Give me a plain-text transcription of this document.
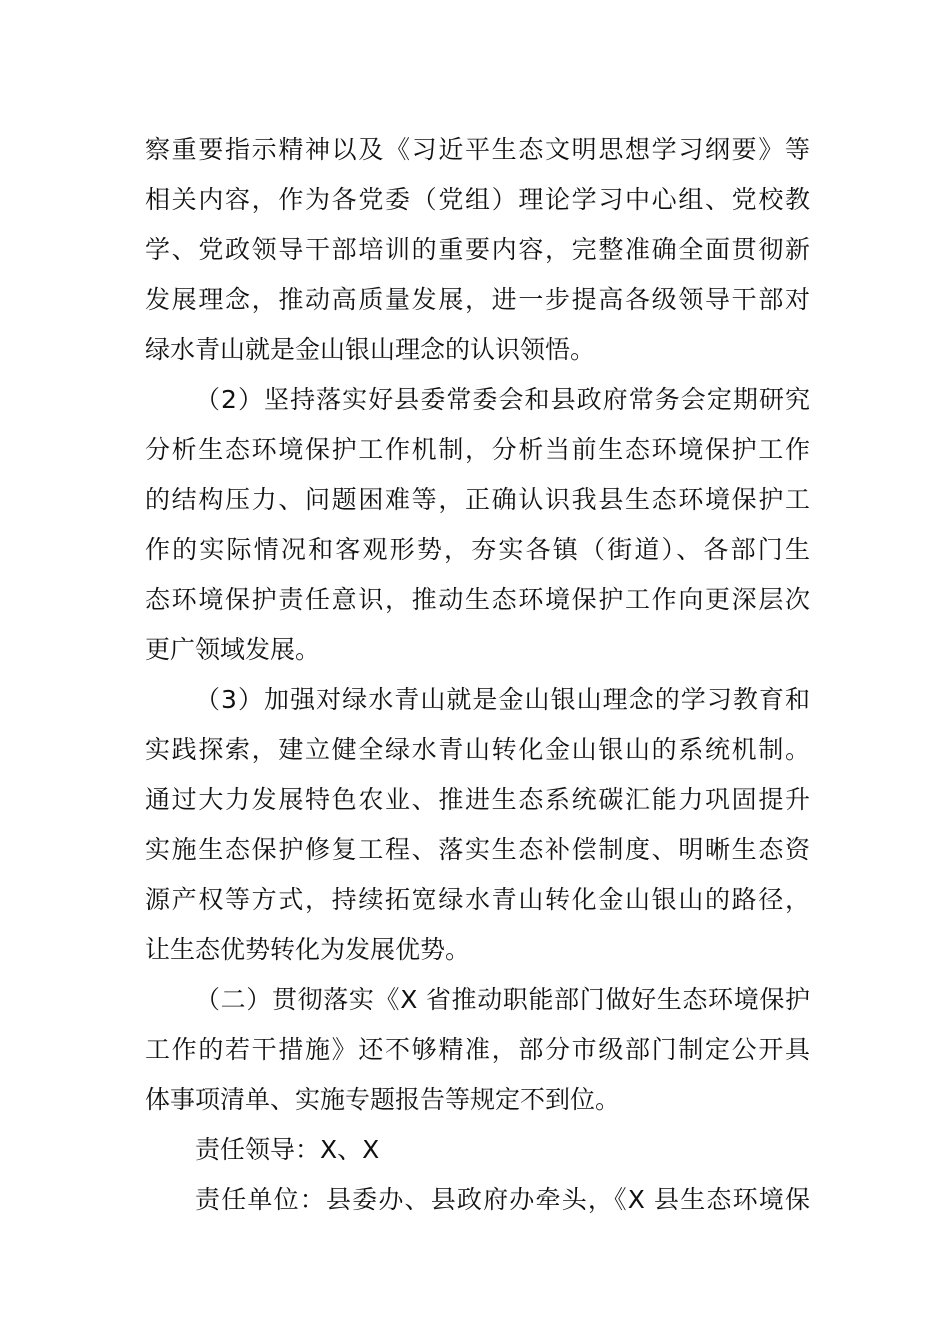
察重要指示精神以及《习近平生态文明思想学习纲要》等
相关内容，作为各党委（党组）理论学习中心组、党校教
学、党政领导干部培训的重要内容，完整准确全面贯彻新
发展理念，推动高质量发展，进一步提高各级领导干部对
绿水青山就是金山银山理念的认识领悟。
（2）坚持落实好县委常委会和县政府常务会定期研究
分析生态环境保护工作机制，分析当前生态环境保护工作
的结构压力、问题困难等，正确认识我县生态环境保护工
作的实际情况和客观形势，夯实各镇（街道）、各部门生
态环境保护责任意识，推动生态环境保护工作向更深层次
更广领域发展。
（3）加强对绿水青山就是金山银山理念的学习教育和
实践探索，建立健全绿水青山转化金山银山的系统机制。
通过大力发展特色农业、推进生态系统碳汇能力巩固提升
实施生态保护修复工程、落实生态补偿制度、明晰生态资
源产权等方式，持续拓宽绿水青山转化金山银山的路径，
让生态优势转化为发展优势。
（二）贯彻落实《X 省推动职能部门做好生态环境保护
工作的若干措施》还不够精准，部分市级部门制定公开具
体事项清单、实施专题报告等规定不到位。
责任领导：X、X
责任单位：县委办、县政府办牵头，《X 县生态环境保
